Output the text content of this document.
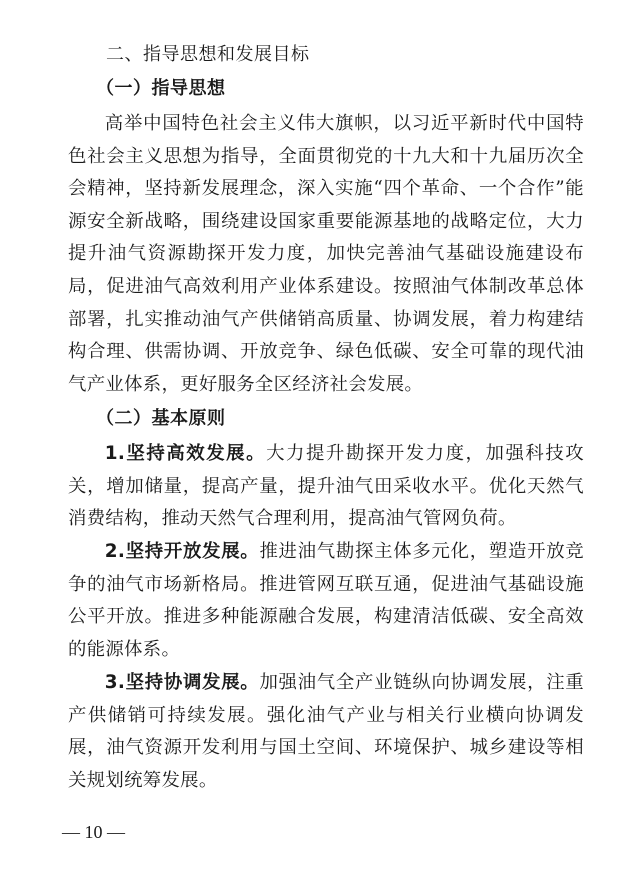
二、指导思想和发展目标
（一）指导思想
高举中国特色社会主义伟大旗帜，以习近平新时代中国特色社会主义思想为指导，全面贯彻党的十九大和十九届历次全会精神，坚持新发展理念，深入实施“四个革命、一个合作”能源安全新战略，围绕建设国家重要能源基地的战略定位，大力提升油气资源勘探开发力度，加快完善油气基础设施建设布局，促进油气高效利用产业体系建设。按照油气体制改革总体部署，扎实推动油气产供储销高质量、协调发展，着力构建结构合理、供需协调、开放竞争、绿色低碳、安全可靠的现代油气产业体系，更好服务全区经济社会发展。
（二）基本原则
1.坚持高效发展。大力提升勘探开发力度，加强科技攻关，增加储量，提高产量，提升油气田采收水平。优化天然气消费结构，推动天然气合理利用，提高油气管网负荷。
2.坚持开放发展。推进油气勘探主体多元化，塑造开放竞争的油气市场新格局。推进管网互联互通，促进油气基础设施公平开放。推进多种能源融合发展，构建清洁低碳、安全高效的能源体系。
3.坚持协调发展。加强油气全产业链纵向协调发展，注重产供储销可持续发展。强化油气产业与相关行业横向协调发展，油气资源开发利用与国土空间、环境保护、城乡建设等相关规划统筹发展。
— 10 —
